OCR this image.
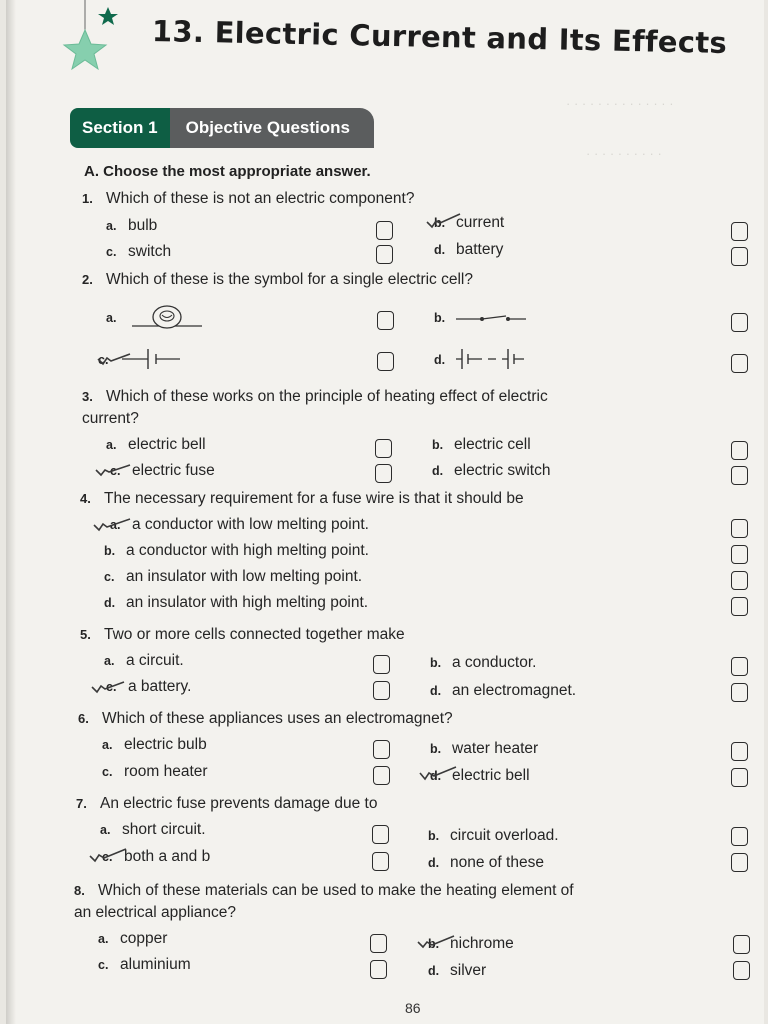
· · · · · · · · · · · · · ·
· · · · · · · · · ·
13. Electric Current and Its Effects
Section 1	Objective Questions
A. Choose the most appropriate answer.
1. Which of these is not an electric component?
a. bulb	b. current
c. switch	d. battery
2. Which of these is the symbol for a single electric cell?
a.	b.
c.	d.
3. Which of these works on the principle of heating effect of electric current?
a. electric bell	b. electric cell
c. electric fuse	d. electric switch
4. The necessary requirement for a fuse wire is that it should be
a. a conductor with low melting point.
b. a conductor with high melting point.
c. an insulator with low melting point.
d. an insulator with high melting point.
5. Two or more cells connected together make
a. a circuit.	b. a conductor.
c. a battery.	d. an electromagnet.
6. Which of these appliances uses an electromagnet?
a. electric bulb	b. water heater
c. room heater	d. electric bell
7. An electric fuse prevents damage due to
a. short circuit.	b. circuit overload.
c. both a and b	d. none of these
8. Which of these materials can be used to make the heating element of an electrical appliance?
a. copper	b. nichrome
c. aluminium	d. silver
86
